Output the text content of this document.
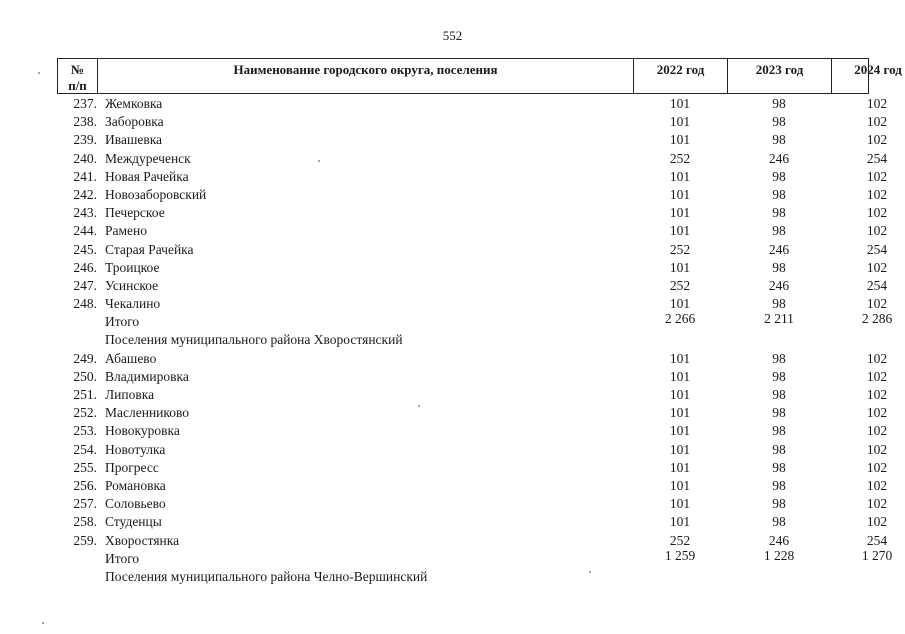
552
№
п/п
Наименование городского округа, поселения	2022 год	2023 год	2024 год
237. Жемковка	101	98	102
238. Заборовка	101	98	102
239. Ивашевка	101	98	102
240. Междуреченск	252	246	254
241. Новая Рачейка	101	98	102
242. Новозаборовский	101	98	102
243. Печерское	101	98	102
244. Рамено	101	98	102
245. Старая Рачейка	252	246	254
246. Троицкое	101	98	102
247. Усинское	252	246	254
248. Чекалино	101	98	102
Итого	2 266	2 211	2 286
Поселения муниципального района Хворостянский
249. Абашево	101	98	102
250. Владимировка	101	98	102
251. Липовка	101	98	102
252. Масленниково	101	98	102
253. Новокуровка	101	98	102
254. Новотулка	101	98	102
255. Прогресс	101	98	102
256. Романовка	101	98	102
257. Соловьево	101	98	102
258. Студенцы	101	98	102
259. Хворостянка	252	246	254
Итого	1 259	1 228	1 270
Поселения муниципального района Челно-Вершинский
